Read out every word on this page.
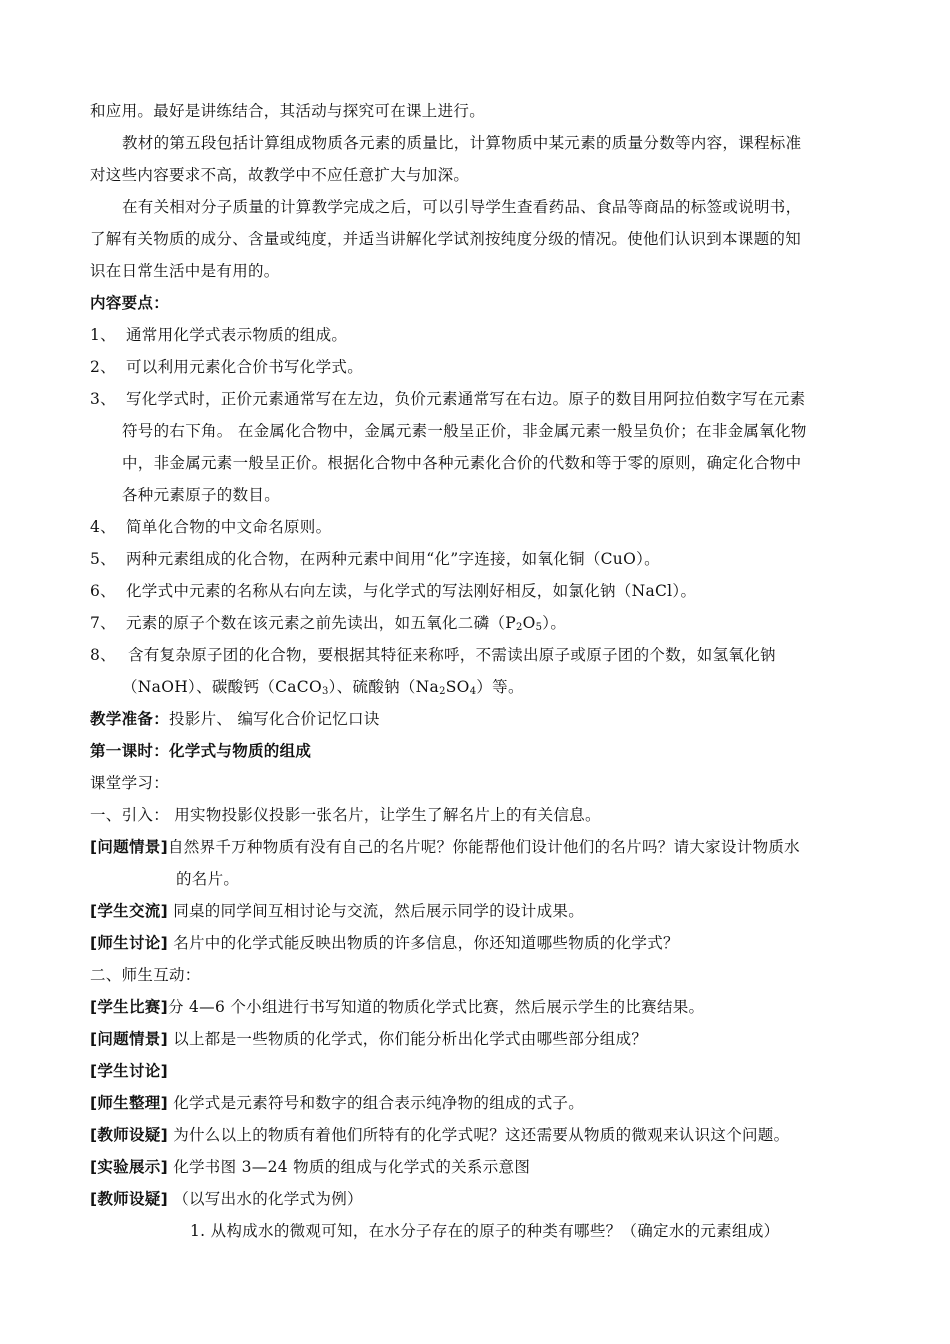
和应用。最好是讲练结合，其活动与探究可在课上进行。
教材的第五段包括计算组成物质各元素的质量比，计算物质中某元素的质量分数等内容，课程标准
对这些内容要求不高，故教学中不应任意扩大与加深。
在有关相对分子质量的计算教学完成之后，可以引导学生查看药品、食品等商品的标签或说明书，
了解有关物质的成分、含量或纯度，并适当讲解化学试剂按纯度分级的情况。使他们认识到本课题的知
识在日常生活中是有用的。
内容要点：
1、 通常用化学式表示物质的组成。
2、 可以利用元素化合价书写化学式。
3、 写化学式时，正价元素通常写在左边，负价元素通常写在右边。原子的数目用阿拉伯数字写在元素
符号的右下角。 在金属化合物中，金属元素一般呈正价，非金属元素一般呈负价；在非金属氧化物
中，非金属元素一般呈正价。根据化合物中各种元素化合价的代数和等于零的原则，确定化合物中
各种元素原子的数目。
4、 简单化合物的中文命名原则。
5、 两种元素组成的化合物，在两种元素中间用“化”字连接，如氧化铜（CuO）。
6、 化学式中元素的名称从右向左读，与化学式的写法刚好相反，如氯化钠（NaCl）。
7、 元素的原子个数在该元素之前先读出，如五氧化二磷$(P_2O_5)$。
8、 含有复杂原子团的化合物，要根据其特征来称呼，不需读出原子或原子团的个数，如氢氧化钠
（NaOH）、碳酸钙（CaCO$_3$）、硫酸钠$(Na_2SO_4)$等。
教学准备：投影片、 编写化合价记忆口诀
第一课时：化学式与物质的组成
课堂学习：
一、引入： 用实物投影仪投影一张名片，让学生了解名片上的有关信息。
[问题情景]自然界千万种物质有没有自己的名片呢？你能帮他们设计他们的名片吗？请大家设计物质水
的名片。
[学生交流] 同桌的同学间互相讨论与交流，然后展示同学的设计成果。
[师生讨论] 名片中的化学式能反映出物质的许多信息，你还知道哪些物质的化学式？
二、师生互动：
[学生比赛]分 4—6 个小组进行书写知道的物质化学式比赛，然后展示学生的比赛结果。
[问题情景] 以上都是一些物质的化学式，你们能分析出化学式由哪些部分组成？
[学生讨论]
[师生整理] 化学式是元素符号和数字的组合表示纯净物的组成的式子。
[教师设疑] 为什么以上的物质有着他们所特有的化学式呢？这还需要从物质的微观来认识这个问题。
[实验展示] 化学书图 3—24 物质的组成与化学式的关系示意图
[教师设疑] （以写出水的化学式为例）
1. 从构成水的微观可知，在水分子存在的原子的种类有哪些？（确定水的元素组成）
